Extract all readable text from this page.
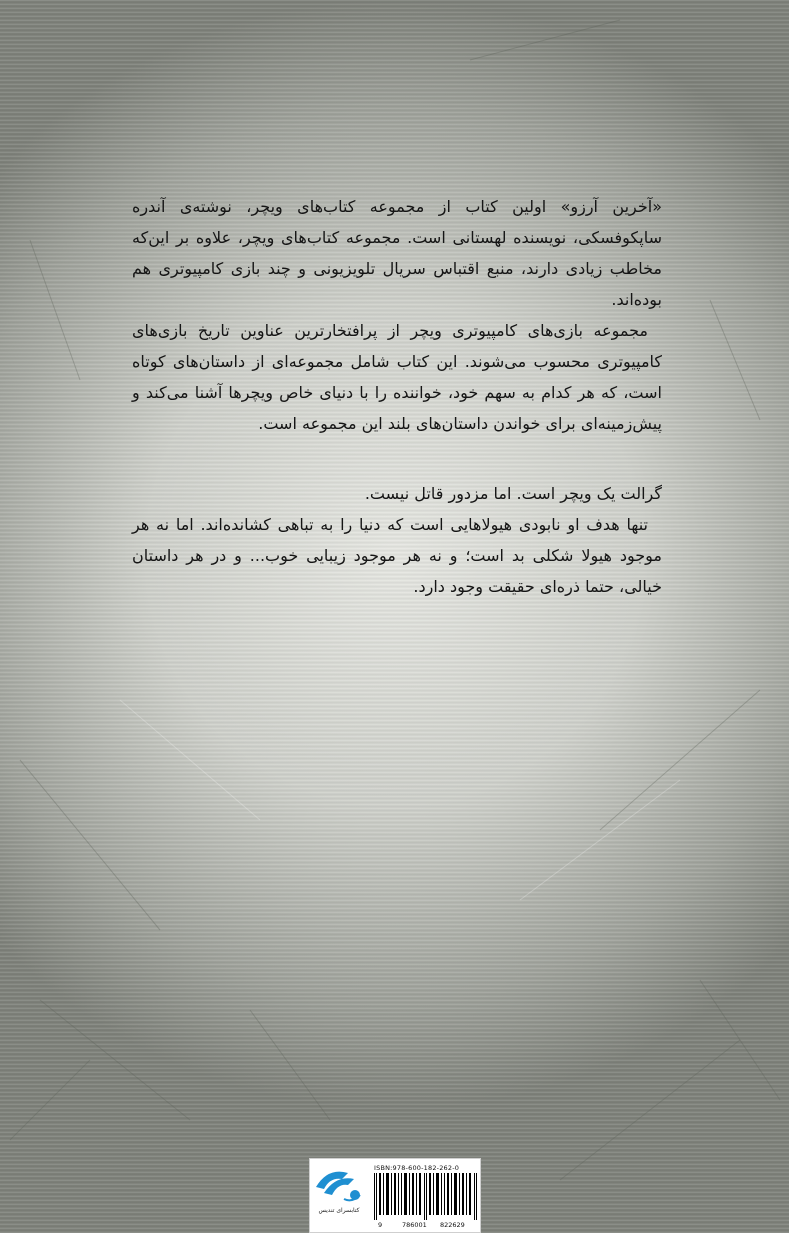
«آخرین آرزو» اولین کتاب از مجموعه کتاب‌های ویچر، نوشته‌ی آندره ساپکوفسکی، نویسنده لهستانی است. مجموعه کتاب‌های ویچر، علاوه بر این‌که مخاطب زیادی دارند، منبع اقتباس سریال تلویزیونی و چند بازی کامپیوتری هم بوده‌اند.

مجموعه بازی‌های کامپیوتری ویچر از پرافتخارترین عناوین تاریخ بازی‌های کامپیوتری محسوب می‌شوند. این کتاب شامل مجموعه‌ای از داستان‌های کوتاه است، که هر کدام به سهم خود، خواننده را با دنیای خاص ویچرها آشنا می‌کند و پیش‌زمینه‌ای برای خواندن داستان‌های بلند این مجموعه است.

گرالت یک ویچر است. اما مزدور قاتل نیست.

تنها هدف او نابودی هیولاهایی است که دنیا را به تباهی کشانده‌اند. اما نه هر موجود هیولا شکلی بد است؛ و نه هر موجود زیبایی خوب... و در هر داستان خیالی، حتما ذره‌ای حقیقت وجود دارد.

کتابسرای تندیس
ISBN:978-600-182-262-0
9	786001 822629
